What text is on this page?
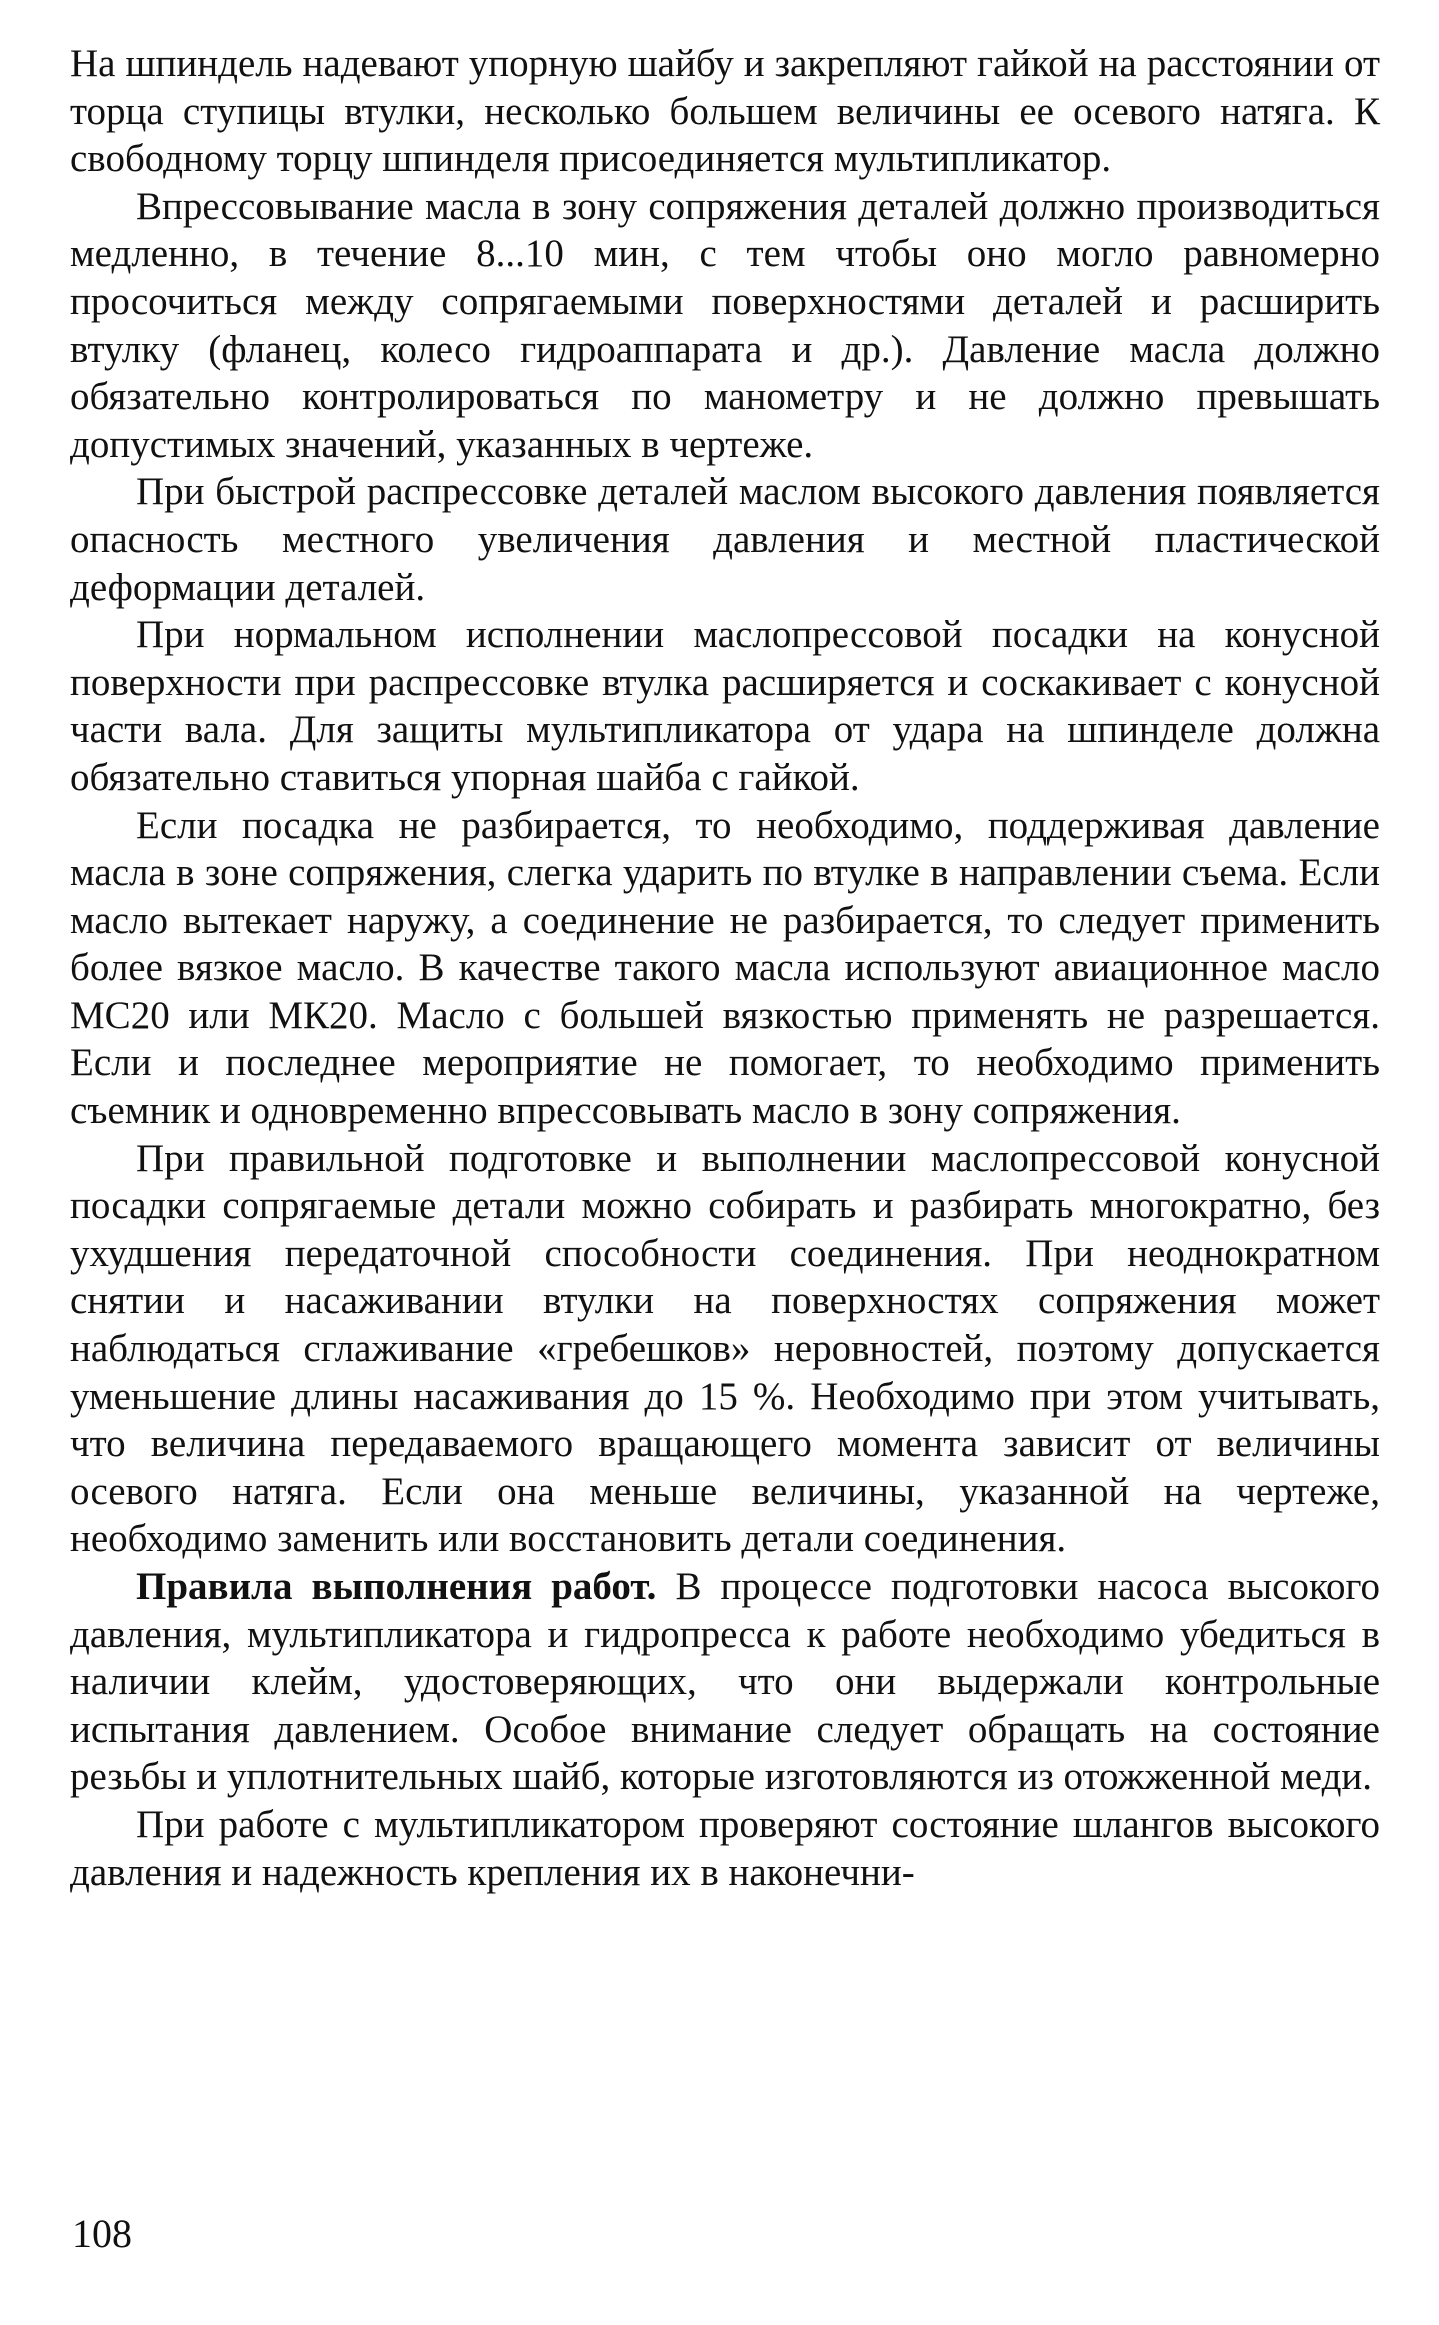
На шпиндель надевают упорную шайбу и закрепляют гайкой на расстоянии от торца ступицы втулки, несколько большем величины ее осевого натяга. К свободному торцу шпинделя присоединяется мультипликатор.

Впрессовывание масла в зону сопряжения деталей должно производиться медленно, в течение 8...10 мин, с тем чтобы оно могло равномерно просочиться между сопрягаемыми поверхностями деталей и расширить втулку (фланец, колесо гидроаппарата и др.). Давление масла должно обязательно контролироваться по манометру и не должно превышать допустимых значений, указанных в чертеже.

При быстрой распрессовке деталей маслом высокого давления появляется опасность местного увеличения давления и местной пластической деформации деталей.

При нормальном исполнении маслопрессовой посадки на конусной поверхности при распрессовке втулка расширяется и соскакивает с конусной части вала. Для защиты мультипликатора от удара на шпинделе должна обязательно ставиться упорная шайба с гайкой.

Если посадка не разбирается, то необходимо, поддерживая давление масла в зоне сопряжения, слегка ударить по втулке в направлении съема. Если масло вытекает наружу, а соединение не разбирается, то следует применить более вязкое масло. В качестве такого масла используют авиационное масло МС20 или МК20. Масло с большей вязкостью применять не разрешается. Если и последнее мероприятие не помогает, то необходимо применить съемник и одновременно впрессовывать масло в зону сопряжения.

При правильной подготовке и выполнении маслопрессовой конусной посадки сопрягаемые детали можно собирать и разбирать многократно, без ухудшения передаточной способности соединения. При неоднократном снятии и насаживании втулки на поверхностях сопряжения может наблюдаться сглаживание «гребешков» неровностей, поэтому допускается уменьшение длины насаживания до 15 %. Необходимо при этом учитывать, что величина передаваемого вращающего момента зависит от величины осевого натяга. Если она меньше величины, указанной на чертеже, необходимо заменить или восстановить детали соединения.

Правила выполнения работ. В процессе подготовки насоса высокого давления, мультипликатора и гидропресса к работе необходимо убедиться в наличии клейм, удостоверяющих, что они выдержали контрольные испытания давлением. Особое внимание следует обращать на состояние резьбы и уплотнительных шайб, которые изготовляются из отожженной меди.

При работе с мультипликатором проверяют состояние шлангов высокого давления и надежность крепления их в наконечни-

108
